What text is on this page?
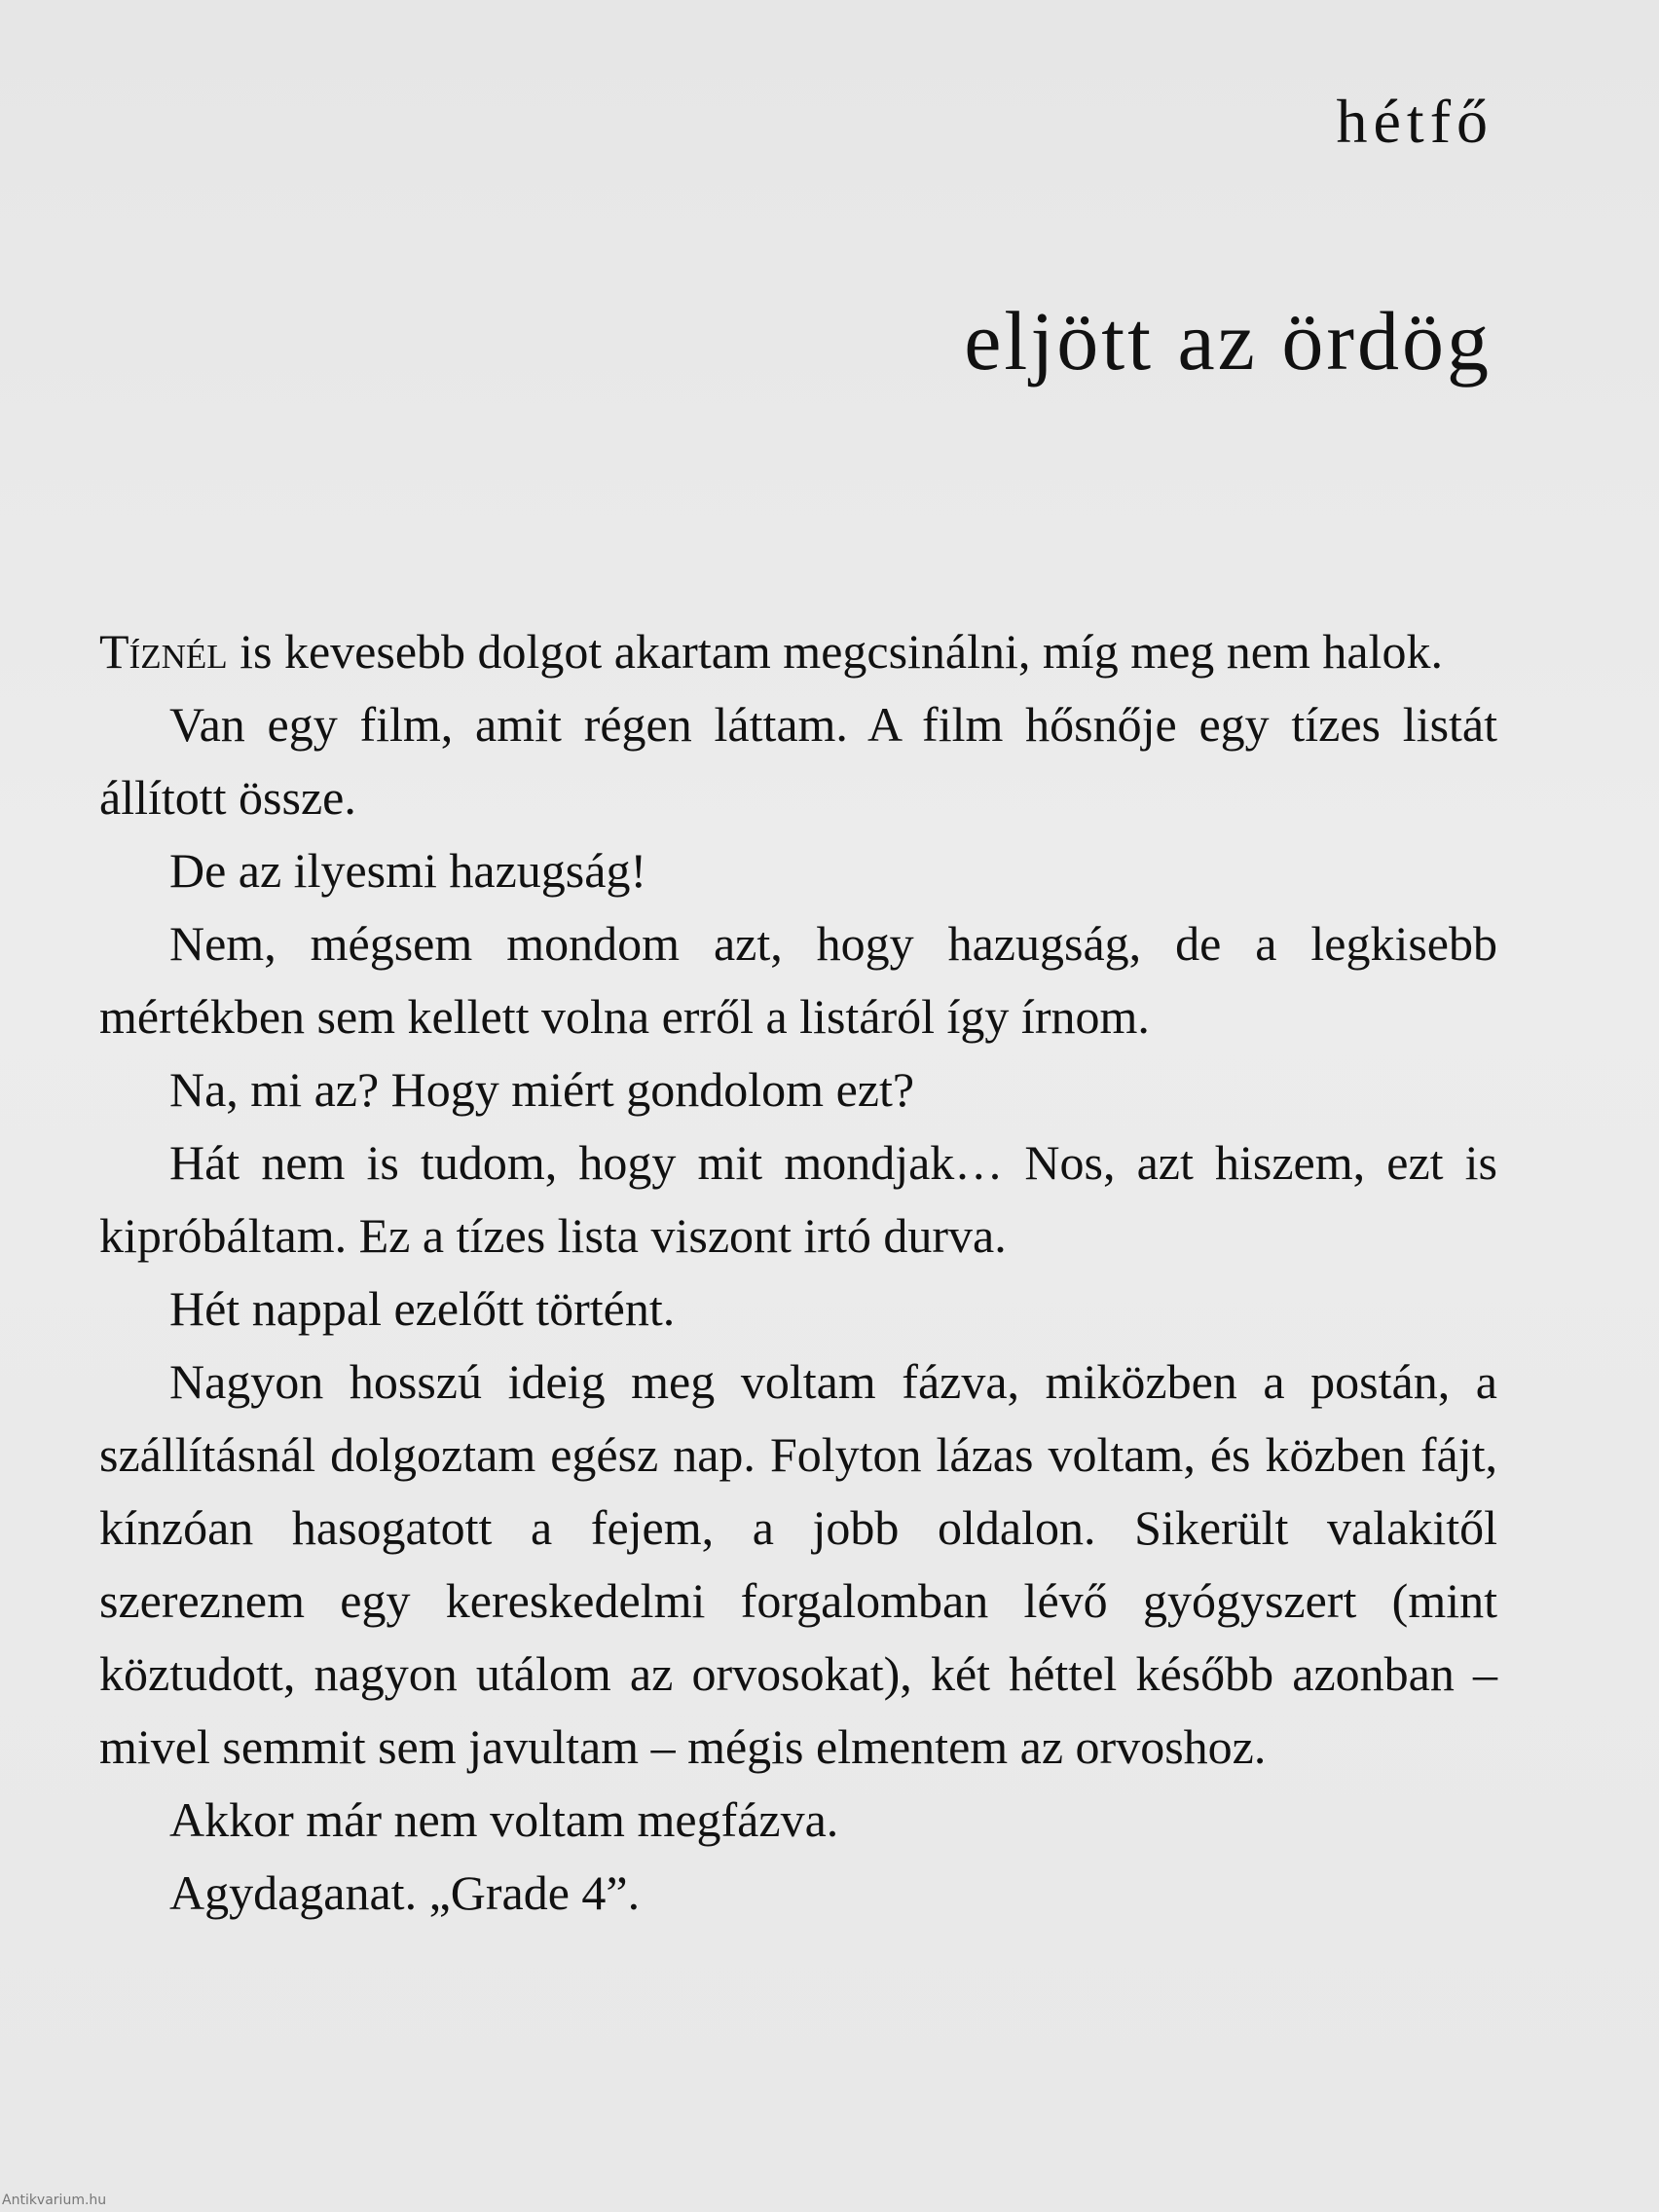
hétfő
eljött az ördög

Tíznél is kevesebb dolgot akartam megcsinálni, míg meg nem halok.

Van egy film, amit régen láttam. A film hősnője egy tízes listát állított össze.

De az ilyesmi hazugság!

Nem, mégsem mondom azt, hogy hazugság, de a legkisebb mértékben sem kellett volna erről a listáról így írnom.

Na, mi az? Hogy miért gondolom ezt?

Hát nem is tudom, hogy mit mondjak… Nos, azt hiszem, ezt is kipróbáltam. Ez a tízes lista viszont irtó durva.

Hét nappal ezelőtt történt.

Nagyon hosszú ideig meg voltam fázva, miközben a postán, a szállításnál dolgoztam egész nap. Folyton lázas voltam, és közben fájt, kínzóan hasogatott a fejem, a jobb oldalon. Sikerült valakitől szereznem egy kereskedelmi forgalomban lévő gyógyszert (mint köztudott, nagyon utálom az orvosokat), két héttel később azonban – mivel semmit sem javultam – mégis elmentem az orvoshoz.

Akkor már nem voltam megfázva.

Agydaganat. „Grade 4”.

Antikvarium.hu
